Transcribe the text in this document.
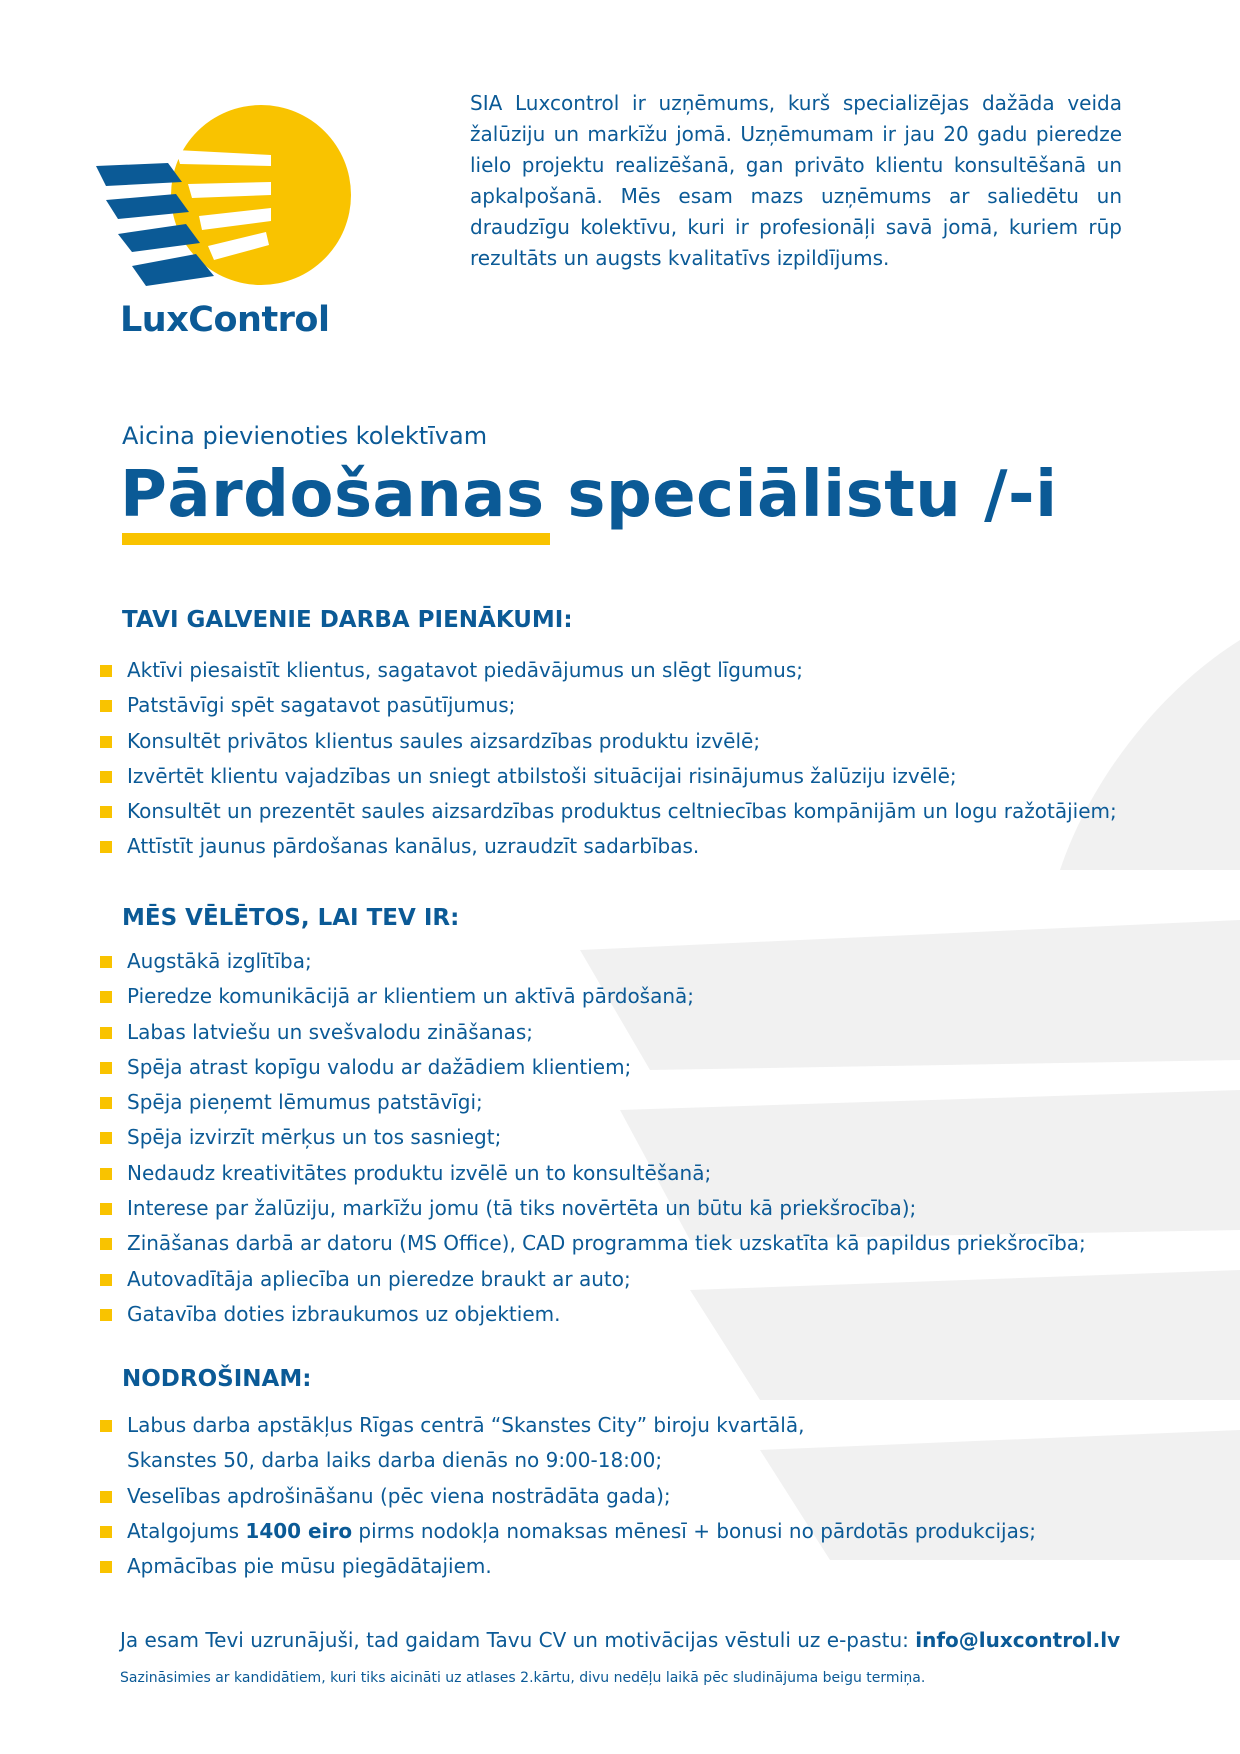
LuxControl
SIA Luxcontrol ir uzņēmums, kurš specializējas dažāda veida žalūziju un markīžu jomā. Uzņēmumam ir jau 20 gadu pieredze lielo projektu realizēšanā, gan privāto klientu konsultēšanā un apkalpošanā. Mēs esam mazs uzņēmums ar saliedētu un draudzīgu kolektīvu, kuri ir profesionāļi savā jomā, kuriem rūp rezultāts un augsts kvalitatīvs izpildījums.
Aicina pievienoties kolektīvam
Pārdošanas speciālistu /-i
TAVI GALVENIE DARBA PIENĀKUMI:
Aktīvi piesaistīt klientus, sagatavot piedāvājumus un slēgt līgumus;
Patstāvīgi spēt sagatavot pasūtījumus;
Konsultēt privātos klientus saules aizsardzības produktu izvēlē;
Izvērtēt klientu vajadzības un sniegt atbilstoši situācijai risinājumus žalūziju izvēlē;
Konsultēt un prezentēt saules aizsardzības produktus celtniecības kompānijām un logu ražotājiem;
Attīstīt jaunus pārdošanas kanālus, uzraudzīt sadarbības.
MĒS VĒLĒTOS, LAI TEV IR:
Augstākā izglītība;
Pieredze komunikācijā ar klientiem un aktīvā pārdošanā;
Labas latviešu un svešvalodu zināšanas;
Spēja atrast kopīgu valodu ar dažādiem klientiem;
Spēja pieņemt lēmumus patstāvīgi;
Spēja izvirzīt mērķus un tos sasniegt;
Nedaudz kreativitātes produktu izvēlē un to konsultēšanā;
Interese par žalūziju, markīžu jomu (tā tiks novērtēta un būtu kā priekšrocība);
Zināšanas darbā ar datoru (MS Office), CAD programma tiek uzskatīta kā papildus priekšrocība;
Autovadītāja apliecība un pieredze braukt ar auto;
Gatavība doties izbraukumos uz objektiem.
NODROŠINAM:
Labus darba apstākļus Rīgas centrā “Skanstes City” biroju kvartālā,
Skanstes 50, darba laiks darba dienās no 9:00-18:00;
Veselības apdrošināšanu (pēc viena nostrādāta gada);
Atalgojums 1400 eiro pirms nodokļa nomaksas mēnesī + bonusi no pārdotās produkcijas;
Apmācības pie mūsu piegādātajiem.
Ja esam Tevi uzrunājuši, tad gaidam Tavu CV un motivācijas vēstuli uz e-pastu: info@luxcontrol.lv
Sazināsimies ar kandidātiem, kuri tiks aicināti uz atlases 2.kārtu, divu nedēļu laikā pēc sludinājuma beigu termiņa.
